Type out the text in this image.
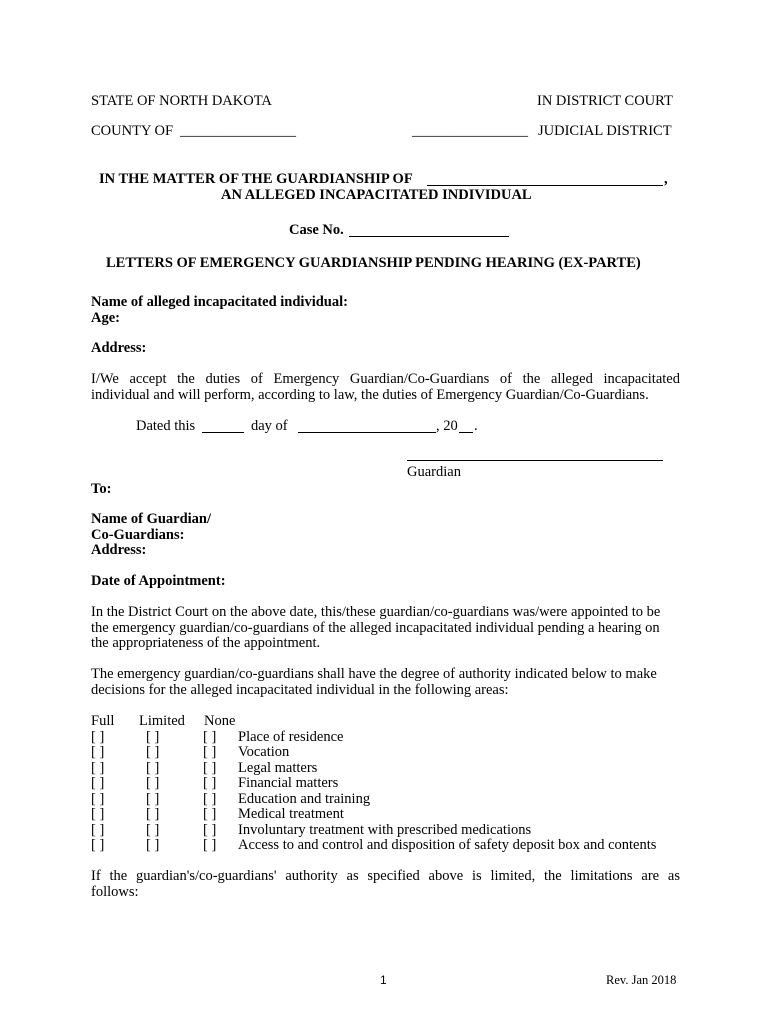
STATE OF NORTH DAKOTA	IN DISTRICT COURT
COUNTY OF ________________	________________ JUDICIAL DISTRICT
IN THE MATTER OF THE GUARDIANSHIP OF	,
AN ALLEGED INCAPACITATED INDIVIDUAL
Case No.
LETTERS OF EMERGENCY GUARDIANSHIP PENDING HEARING (EX-PARTE)
Name of alleged incapacitated individual:
Age:
Address:
I/We accept the duties of Emergency Guardian/Co-Guardians of the alleged incapacitated
individual and will perform, according to law, the duties of Emergency Guardian/Co-Guardians.
Dated this	day of	, 20 .
Guardian
To:
Name of Guardian/
Co-Guardians:
Address:
Date of Appointment:
In the District Court on the above date, this/these guardian/co-guardians was/were appointed to be
the emergency guardian/co-guardians of the alleged incapacitated individual pending a hearing on
the appropriateness of the appointment.
The emergency guardian/co-guardians shall have the degree of authority indicated below to make
decisions for the alleged incapacitated individual in the following areas:
Full Limited None
[ ]	[ ]	[ ] Place of residence
[ ]	[ ]	[ ] Vocation
[ ]	[ ]	[ ] Legal matters
[ ]	[ ]	[ ] Financial matters
[ ]	[ ]	[ ] Education and training
[ ]	[ ]	[ ] Medical treatment
[ ]	[ ]	[ ] Involuntary treatment with prescribed medications
[ ]	[ ]	[ ] Access to and control and disposition of safety deposit box and contents
If the guardian's/co-guardians' authority as specified above is limited, the limitations are as
follows:
1	Rev. Jan 2018
